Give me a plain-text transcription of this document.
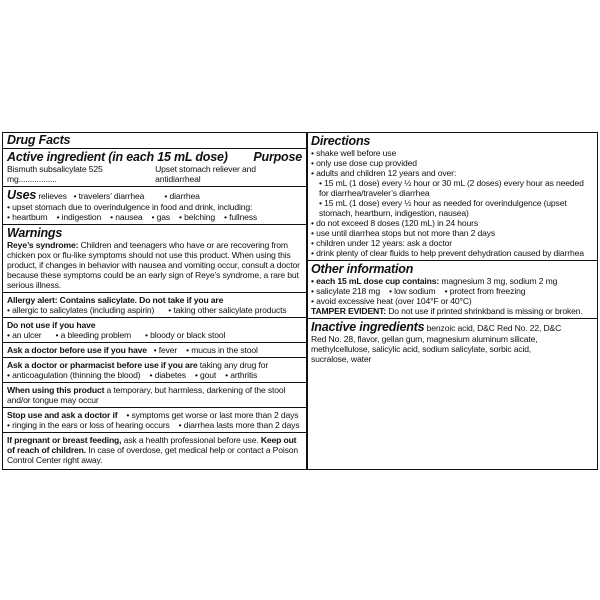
Drug Facts
Active ingredient (in each 15 mL dose) Purpose
Bismuth subsalicylate 525 mg.................
Upset stomach reliever and antidiarrheal
Uses relieves • travelers’ diarrhea	• diarrhea
• upset stomach due to overindulgence in food and drink, including:
• heartburn	• indigestion	• nausea	• gas	• belching	• fullness
Warnings
Reye’s syndrome: Children and teenagers who have or are recovering from chicken pox or flu-like symptoms should not use this product. When using this product, if changes in behavior with nausea and vomiting occur, consult a doctor because these symptoms could be an early sign of Reye’s syndrome, a rare but serious illness.
Allergy alert: Contains salicylate. Do not take if you are
• allergic to salicylates (including aspirin)	• taking other salicylate products
Do not use if you have
• an ulcer	• a bleeding problem	• bloody or black stool
Ask a doctor before use if you have • fever • mucus in the stool
Ask a doctor or pharmacist before use if you are taking any drug for
• anticoagulation (thinning the blood)	• diabetes	• gout	• arthritis
When using this product a temporary, but harmless, darkening of the stool and/or tongue may occur
Stop use and ask a doctor if • symptoms get worse or last more than 2 days
• ringing in the ears or loss of hearing occurs • diarrhea lasts more than 2 days
If pregnant or breast feeding, ask a health professional before use. Keep out of reach of children. In case of overdose, get medical help or contact a Poison Control Center right away.
Directions
• shake well before use
• only use dose cup provided
• adults and children 12 years and over:
• 15 mL (1 dose) every ½ hour or 30 mL (2 doses) every hour as needed for diarrhea/traveler’s diarrhea
• 15 mL (1 dose) every ½ hour as needed for overindulgence (upset stomach, heartburn, indigestion, nausea)
• do not exceed 8 doses (120 mL) in 24 hours
• use until diarrhea stops but not more than 2 days
• children under 12 years: ask a doctor
• drink plenty of clear fluids to help prevent dehydration caused by diarrhea
Other information
• each 15 mL dose cup contains: magnesium 3 mg, sodium 2 mg
• salicylate 218 mg	• low sodium	• protect from freezing
• avoid excessive heat (over 104°F or 40°C)
TAMPER EVIDENT: Do not use if printed shrinkband is missing or broken.
Inactive ingredients benzoic acid, D&C Red No. 22, D&C Red No. 28, flavor, gellan gum, magnesium aluminum silicate, methylcellulose, salicylic acid, sodium salicylate, sorbic acid, sucralose, water
